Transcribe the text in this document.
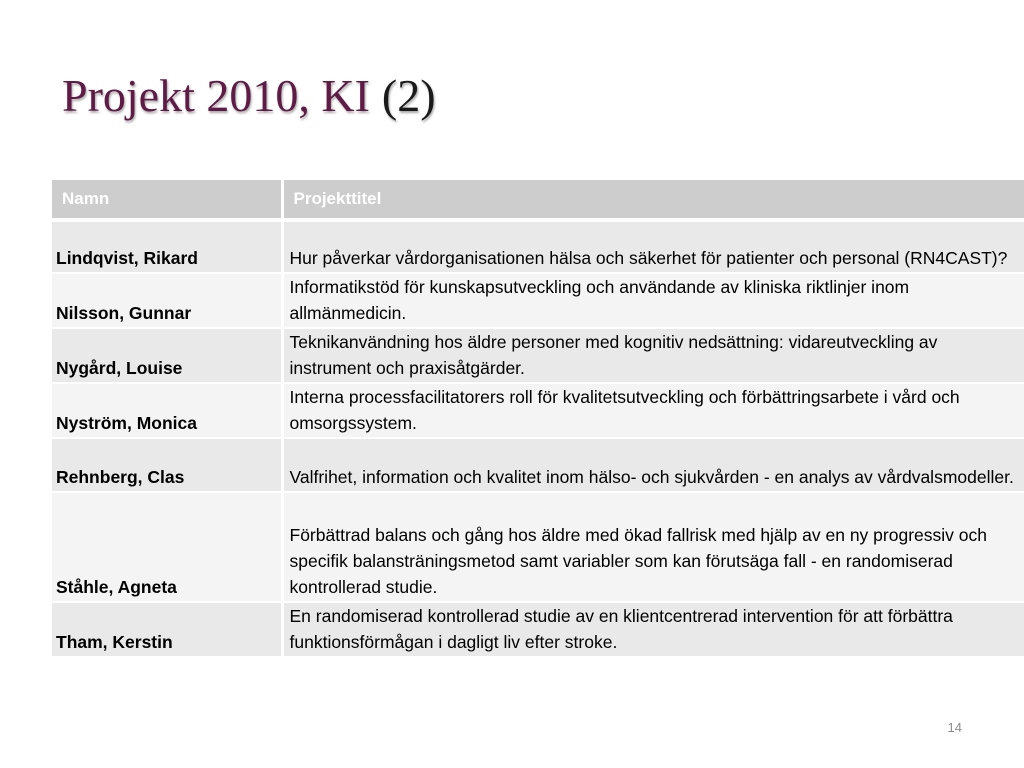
Projekt 2010, KI (2)
Namn	Projekttitel
Lindqvist, Rikard	Hur påverkar vårdorganisationen hälsa och säkerhet för patienter och personal (RN4CAST)?
Nilsson, Gunnar	Informatikstöd för kunskapsutveckling och användande av kliniska riktlinjer inom allmänmedicin.
Nygård, Louise	Teknikanvändning hos äldre personer med kognitiv nedsättning: vidareutveckling av instrument och praxisåtgärder.
Nyström, Monica	Interna processfacilitatorers roll för kvalitetsutveckling och förbättringsarbete i vård och omsorgssystem.
Rehnberg, Clas	Valfrihet, information och kvalitet inom hälso- och sjukvården - en analys av vårdvalsmodeller.
Ståhle, Agneta	Förbättrad balans och gång hos äldre med ökad fallrisk med hjälp av en ny progressiv och specifik balansträningsmetod samt variabler som kan förutsäga fall - en randomiserad kontrollerad studie.
Tham, Kerstin	En randomiserad kontrollerad studie av en klientcentrerad intervention för att förbättra funktionsförmågan i dagligt liv efter stroke.
14
